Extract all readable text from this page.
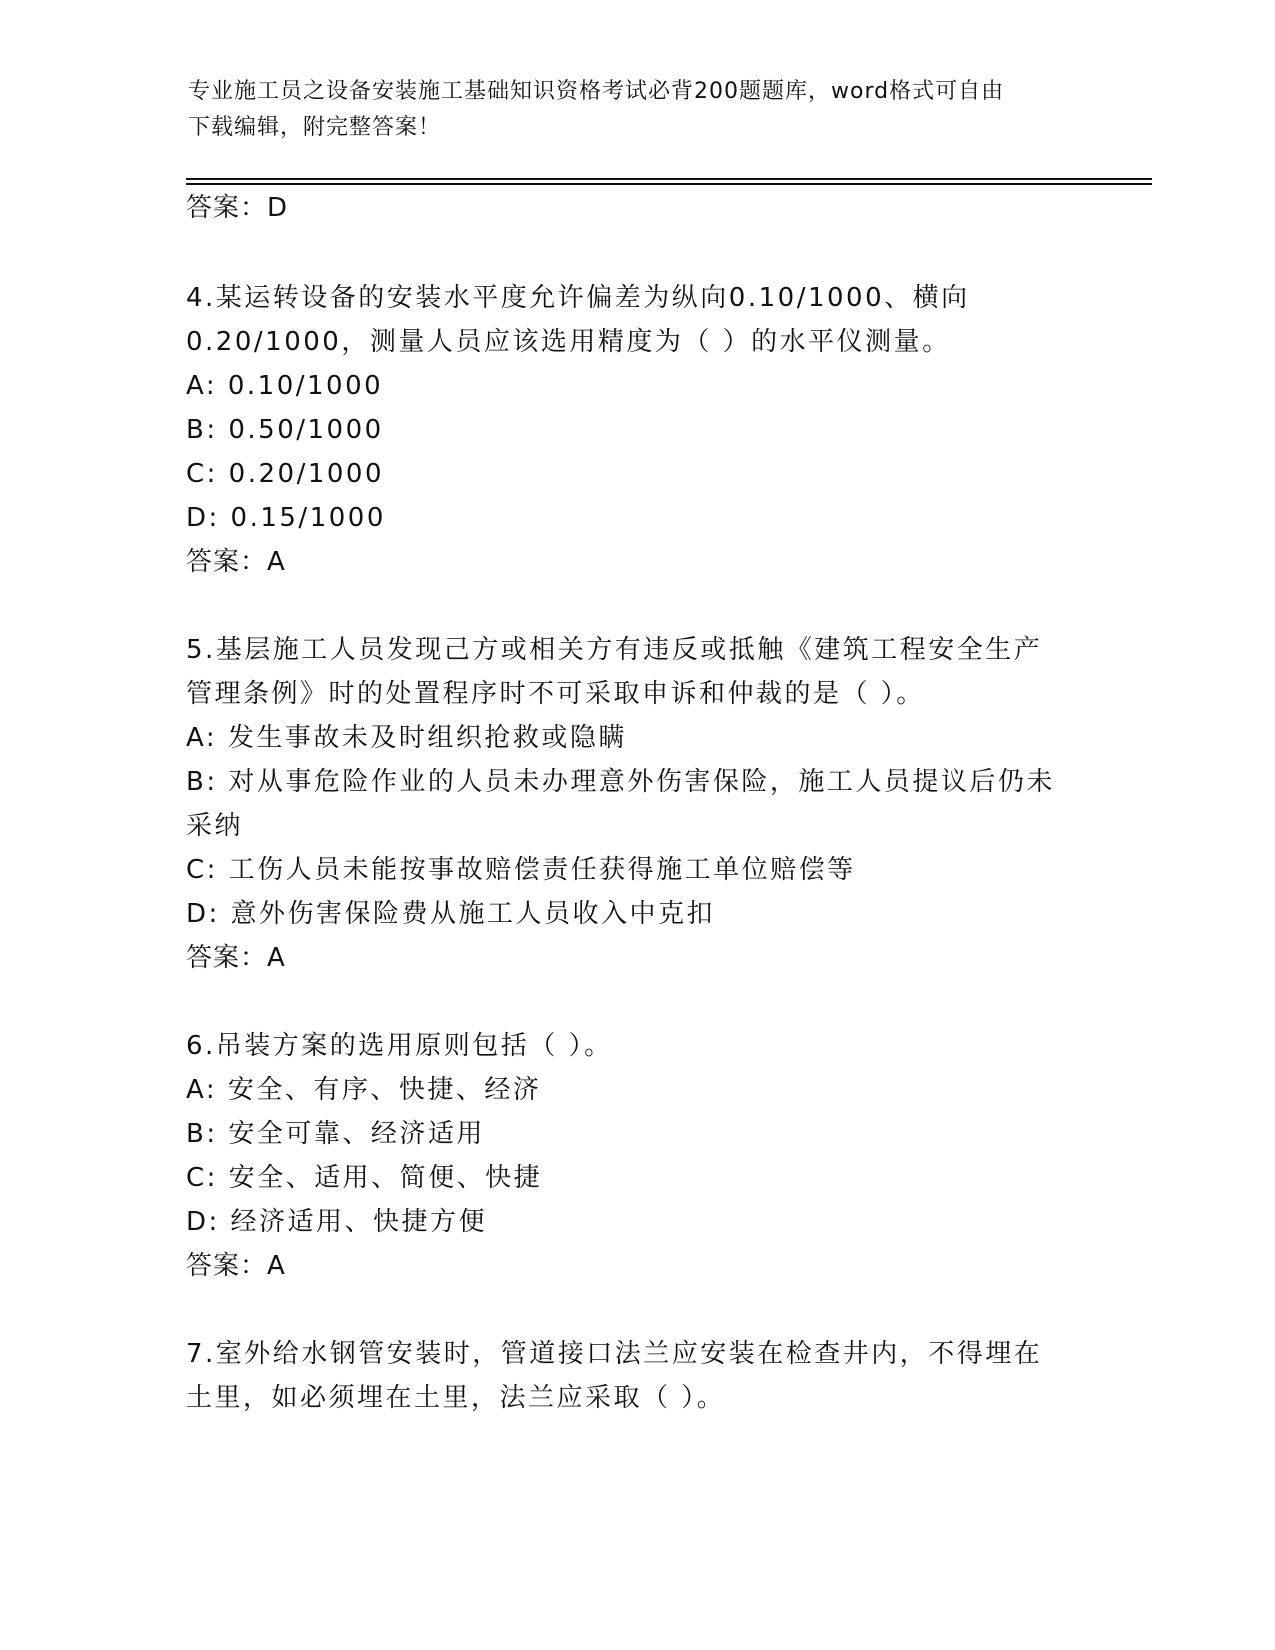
专业施工员之设备安装施工基础知识资格考试必背200题题库，word格式可自由
下载编辑，附完整答案！
答案：D
4.某运转设备的安装水平度允许偏差为纵向0.10/1000、横向
0.20/1000，测量人员应该选用精度为（ ）的水平仪测量。
A: 0.10/1000
B: 0.50/1000
C: 0.20/1000
D: 0.15/1000
答案：A
5.基层施工人员发现己方或相关方有违反或抵触《建筑工程安全生产
管理条例》时的处置程序时不可采取申诉和仲裁的是（ ）。
A: 发生事故未及时组织抢救或隐瞒
B: 对从事危险作业的人员未办理意外伤害保险，施工人员提议后仍未
采纳
C: 工伤人员未能按事故赔偿责任获得施工单位赔偿等
D: 意外伤害保险费从施工人员收入中克扣
答案：A
6.吊装方案的选用原则包括（ ）。
A: 安全、有序、快捷、经济
B: 安全可靠、经济适用
C: 安全、适用、简便、快捷
D: 经济适用、快捷方便
答案：A
7.室外给水钢管安装时，管道接口法兰应安装在检查井内，不得埋在
土里，如必须埋在土里，法兰应采取（ ）。
